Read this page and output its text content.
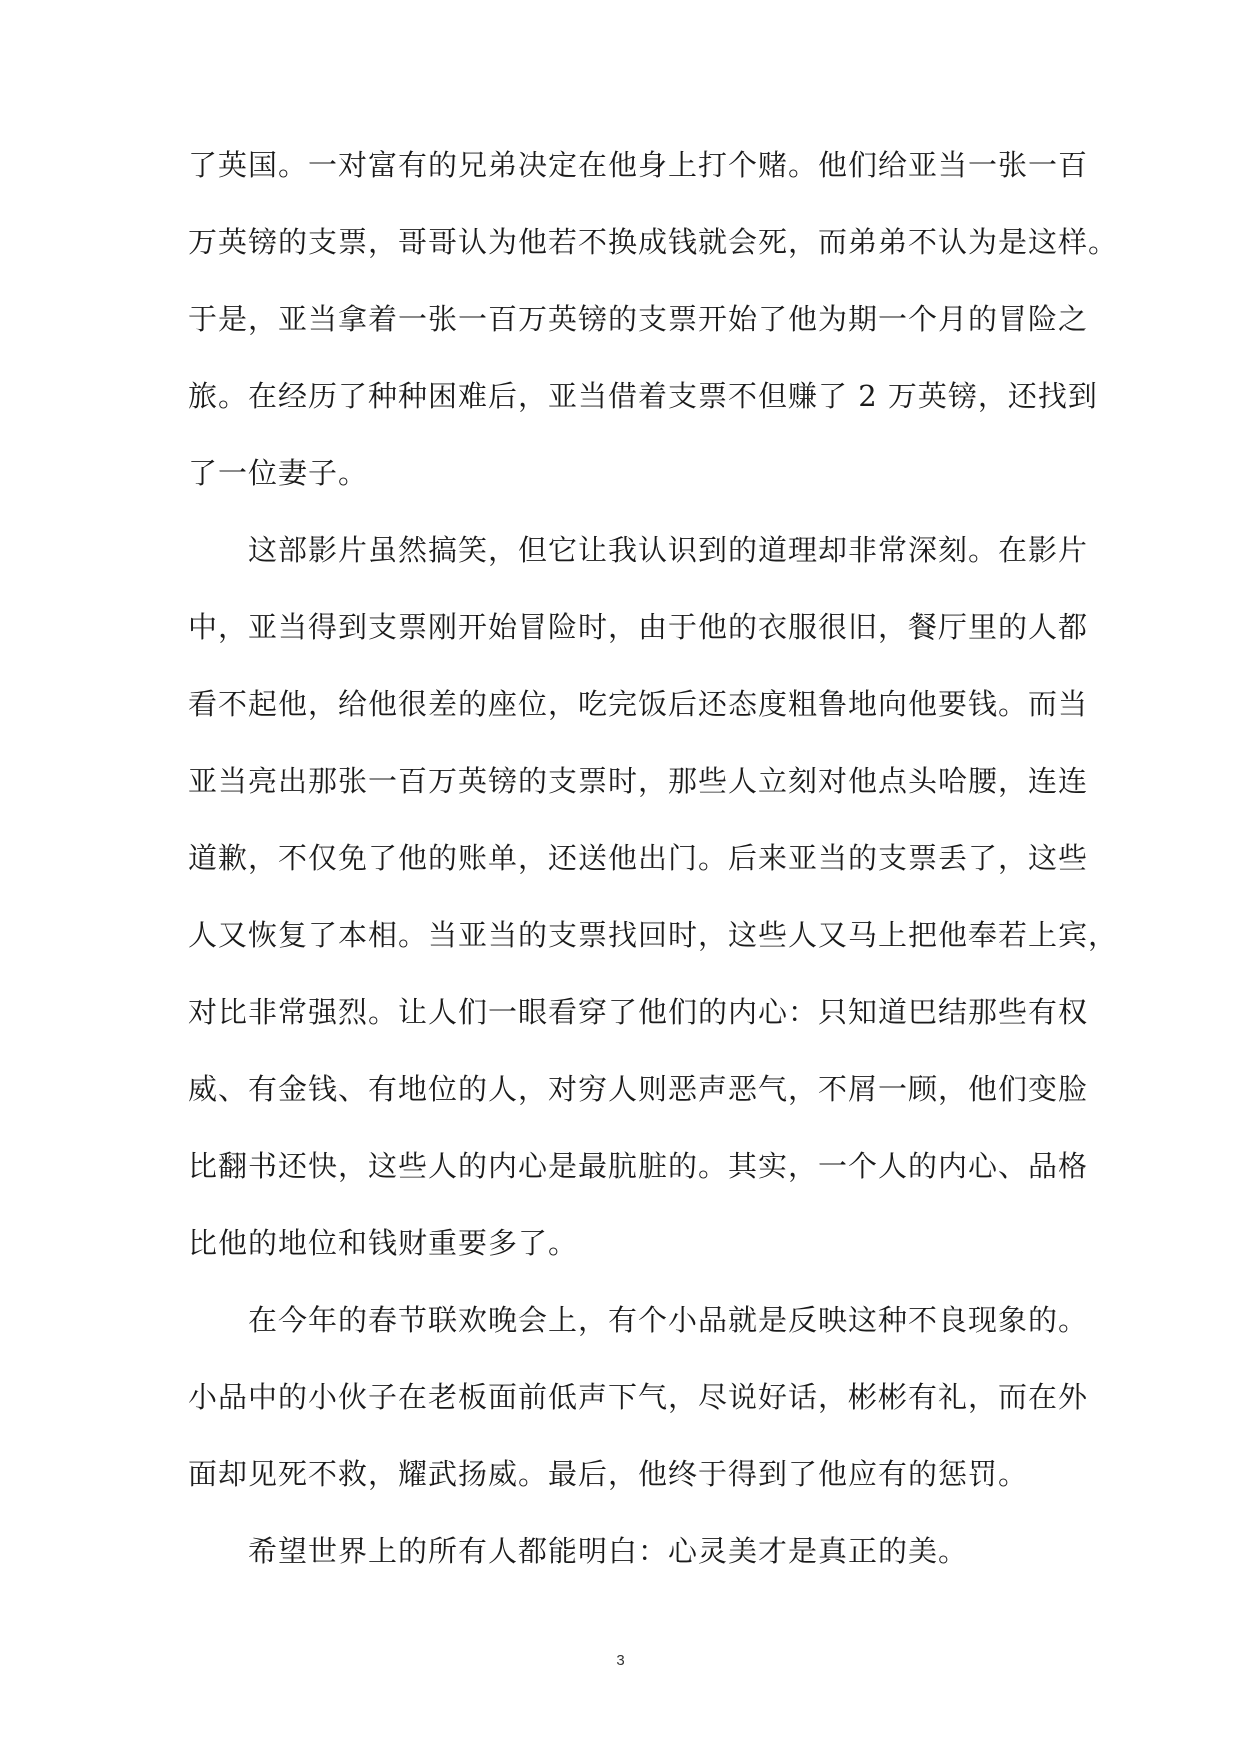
了英国。一对富有的兄弟决定在他身上打个赌。他们给亚当一张一百
万英镑的支票，哥哥认为他若不换成钱就会死，而弟弟不认为是这样。
于是，亚当拿着一张一百万英镑的支票开始了他为期一个月的冒险之
旅。在经历了种种困难后，亚当借着支票不但赚了 2 万英镑，还找到
了一位妻子。
这部影片虽然搞笑，但它让我认识到的道理却非常深刻。在影片
中，亚当得到支票刚开始冒险时，由于他的衣服很旧，餐厅里的人都
看不起他，给他很差的座位，吃完饭后还态度粗鲁地向他要钱。而当
亚当亮出那张一百万英镑的支票时，那些人立刻对他点头哈腰，连连
道歉，不仅免了他的账单，还送他出门。后来亚当的支票丢了，这些
人又恢复了本相。当亚当的支票找回时，这些人又马上把他奉若上宾，
对比非常强烈。让人们一眼看穿了他们的内心：只知道巴结那些有权
威、有金钱、有地位的人，对穷人则恶声恶气，不屑一顾，他们变脸
比翻书还快，这些人的内心是最肮脏的。其实，一个人的内心、品格
比他的地位和钱财重要多了。
在今年的春节联欢晚会上，有个小品就是反映这种不良现象的。
小品中的小伙子在老板面前低声下气，尽说好话，彬彬有礼，而在外
面却见死不救，耀武扬威。最后，他终于得到了他应有的惩罚。
希望世界上的所有人都能明白：心灵美才是真正的美。
3
